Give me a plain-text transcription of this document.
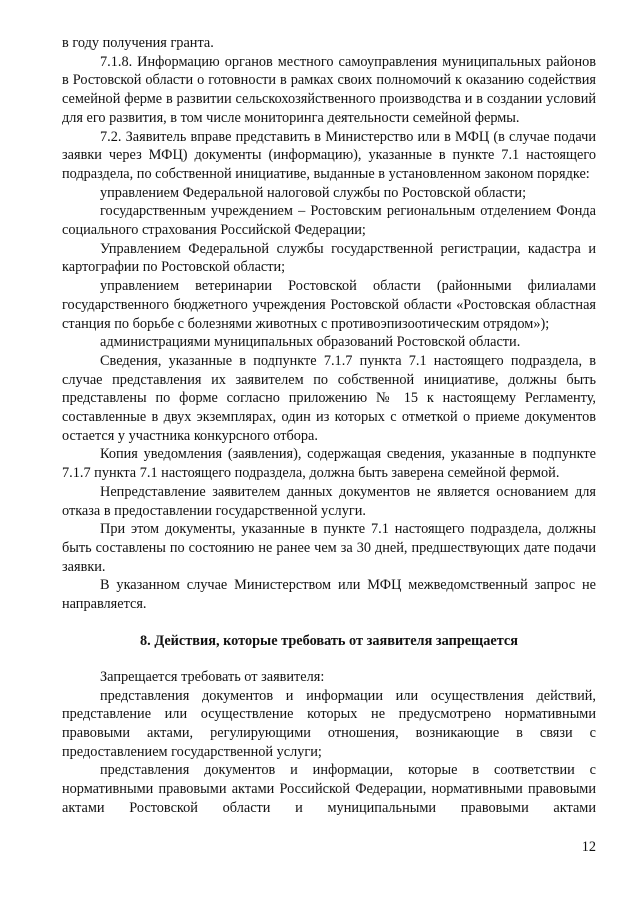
в году получения гранта.

7.1.8. Информацию органов местного самоуправления муниципальных районов в Ростовской области о готовности в рамках своих полномочий к оказанию содействия семейной ферме в развитии сельскохозяйственного производства и в создании условий для его развития, в том числе мониторинга деятельности семейной фермы.

7.2. Заявитель вправе представить в Министерство или в МФЦ (в случае подачи заявки через МФЦ) документы (информацию), указанные в пункте 7.1 настоящего подраздела, по собственной инициативе, выданные в установленном законом порядке:

управлением Федеральной налоговой службы по Ростовской области;

государственным учреждением – Ростовским региональным отделением Фонда социального страхования Российской Федерации;

Управлением Федеральной службы государственной регистрации, кадастра и картографии по Ростовской области;

управлением ветеринарии Ростовской области (районными филиалами государственного бюджетного учреждения Ростовской области «Ростовская областная станция по борьбе с болезнями животных с противоэпизоотическим отрядом»);

администрациями муниципальных образований Ростовской области.

Сведения, указанные в подпункте 7.1.7 пункта 7.1 настоящего подраздела, в случае представления их заявителем по собственной инициативе, должны быть представлены по форме согласно приложению № 15 к настоящему Регламенту, составленные в двух экземплярах, один из которых с отметкой о приеме документов остается у участника конкурсного отбора.

Копия уведомления (заявления), содержащая сведения, указанные в подпункте 7.1.7 пункта 7.1 настоящего подраздела, должна быть заверена семейной фермой.

Непредставление заявителем данных документов не является основанием для отказа в предоставлении государственной услуги.

При этом документы, указанные в пункте 7.1 настоящего подраздела, должны быть составлены по состоянию не ранее чем за 30 дней, предшествующих дате подачи заявки.

В указанном случае Министерством или МФЦ межведомственный запрос не направляется.

8. Действия, которые требовать от заявителя запрещается

Запрещается требовать от заявителя:

представления документов и информации или осуществления действий, представление или осуществление которых не предусмотрено нормативными правовыми актами, регулирующими отношения, возникающие в связи с предоставлением государственной услуги;

представления документов и информации, которые в соответствии с нормативными правовыми актами Российской Федерации, нормативными правовыми актами Ростовской области и муниципальными правовыми актами

12
